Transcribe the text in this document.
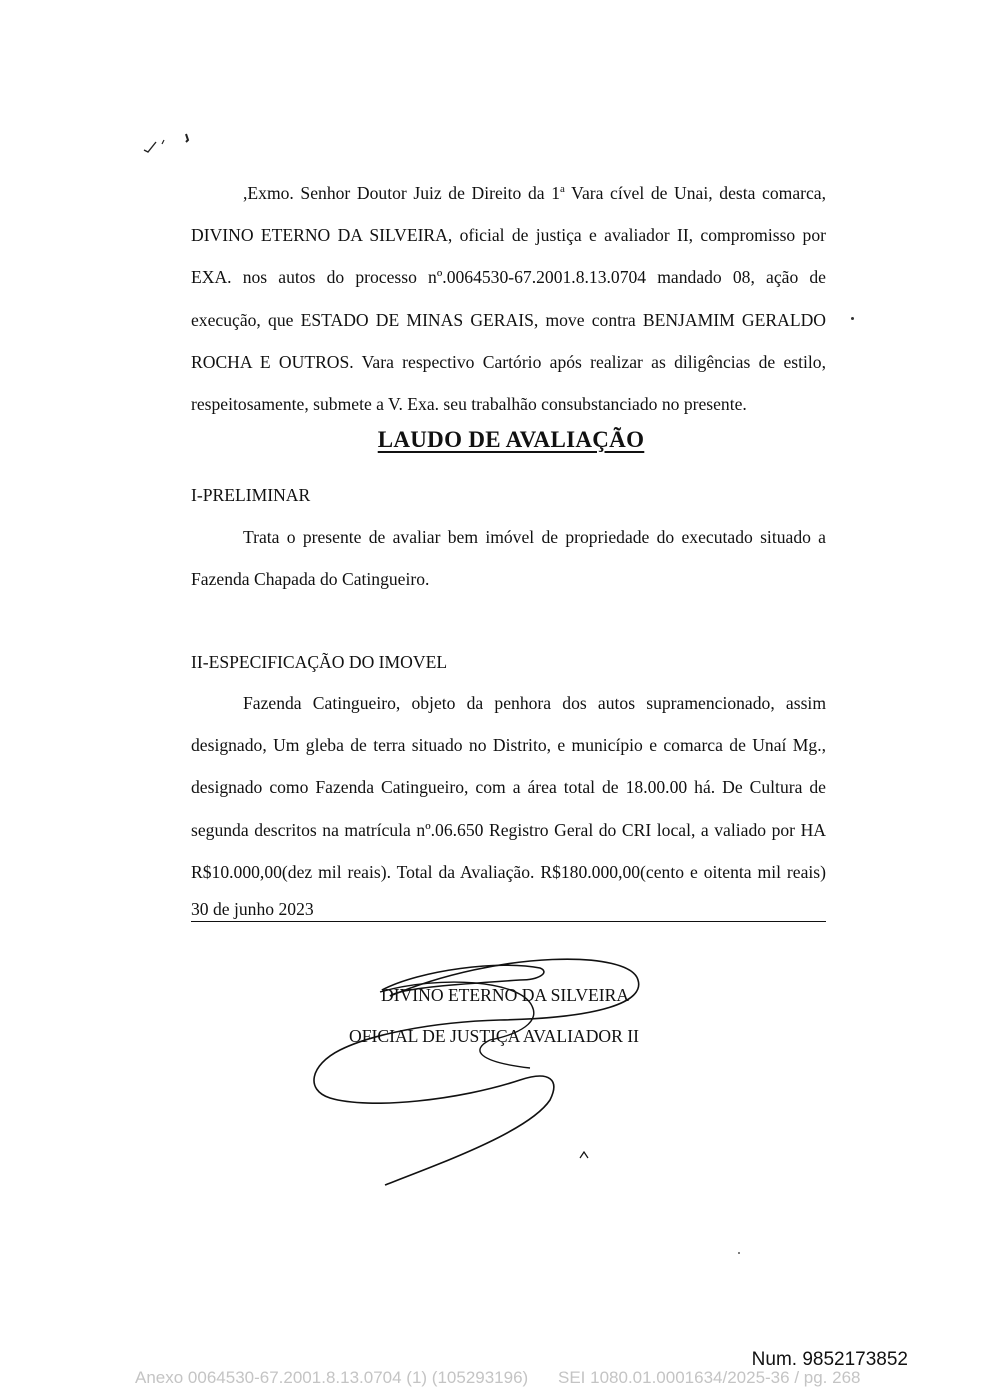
,Exmo. Senhor Doutor Juiz de Direito da 1$^a$ Vara cível de Unai, desta comarca,
DIVINO ETERNO DA SILVEIRA, oficial de justiça e avaliador II, compromisso por
EXA. nos autos do processo nº.0064530-67.2001.8.13.0704 mandado 08, ação de
execução, que ESTADO DE MINAS GERAIS, move contra BENJAMIM GERALDO
ROCHA E OUTROS. Vara respectivo Cartório após realizar as diligências de estilo,
respeitosamente, submete a V. Exa. seu trabalhão consubstanciado no presente.
LAUDO DE AVALIAÇÃO
I-PRELIMINAR
Trata o presente de avaliar bem imóvel de propriedade do executado situado a
Fazenda Chapada do Catingueiro.
II-ESPECIFICAÇÃO DO IMOVEL
Fazenda Catingueiro, objeto da penhora dos autos supramencionado, assim
designado, Um gleba de terra situado no Distrito, e município e comarca de Unaí Mg.,
designado como Fazenda Catingueiro, com a área total de 18.00.00 há. De Cultura de
segunda descritos na matrícula nº.06.650 Registro Geral do CRI local, a valiado por HA
R$10.000,00(dez mil reais). Total da Avaliação. R$180.000,00(cento e oitenta mil reais)
30 de junho 2023
DIVINO ETERNO DA SILVEIRA
OFICIAL DE JUSTIÇA AVALIADOR II
Num. 9852173852
Anexo 0064530-67.2001.8.13.0704 (1) (105293196) SEI 1080.01.0001634/2025-36 / pg. 268
